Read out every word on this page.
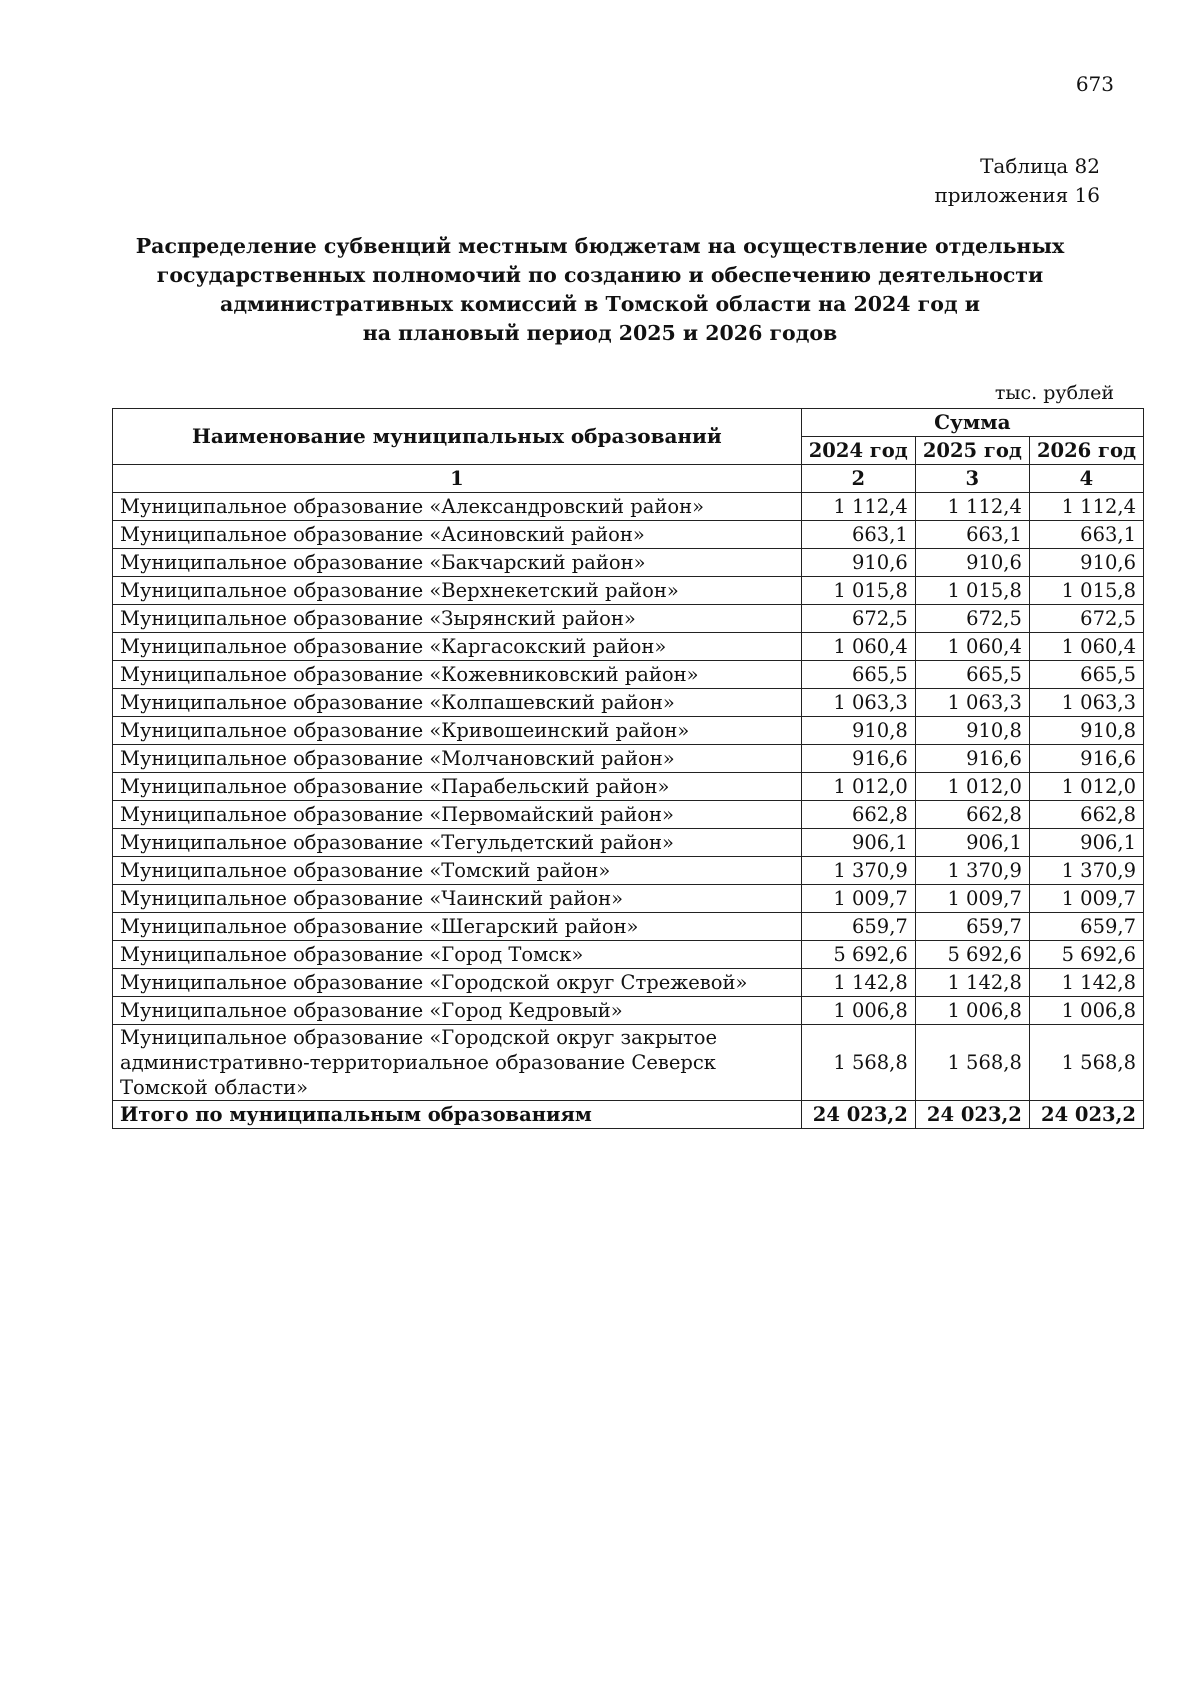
673
Таблица 82
приложения 16
Распределение субвенций местным бюджетам на осуществление отдельных
государственных полномочий по созданию и обеспечению деятельности
административных комиссий в Томской области на 2024 год и
на плановый период 2025 и 2026 годов
тыс. рублей
Наименование муниципальных образований	Сумма		
	2024 год	2025 год	2026 год
1	2	3	4
Муниципальное образование «Александровский район»	1 112,4	1 112,4	1 112,4
Муниципальное образование «Асиновский район»	663,1	663,1	663,1
Муниципальное образование «Бакчарский район»	910,6	910,6	910,6
Муниципальное образование «Верхнекетский район»	1 015,8	1 015,8	1 015,8
Муниципальное образование «Зырянский район»	672,5	672,5	672,5
Муниципальное образование «Каргасокский район»	1 060,4	1 060,4	1 060,4
Муниципальное образование «Кожевниковский район»	665,5	665,5	665,5
Муниципальное образование «Колпашевский район»	1 063,3	1 063,3	1 063,3
Муниципальное образование «Кривошеинский район»	910,8	910,8	910,8
Муниципальное образование «Молчановский район»	916,6	916,6	916,6
Муниципальное образование «Парабельский район»	1 012,0	1 012,0	1 012,0
Муниципальное образование «Первомайский район»	662,8	662,8	662,8
Муниципальное образование «Тегульдетский район»	906,1	906,1	906,1
Муниципальное образование «Томский район»	1 370,9	1 370,9	1 370,9
Муниципальное образование «Чаинский район»	1 009,7	1 009,7	1 009,7
Муниципальное образование «Шегарский район»	659,7	659,7	659,7
Муниципальное образование «Город Томск»	5 692,6	5 692,6	5 692,6
Муниципальное образование «Городской округ Стрежевой»	1 142,8	1 142,8	1 142,8
Муниципальное образование «Город Кедровый»	1 006,8	1 006,8	1 006,8
Муниципальное образование «Городской округ закрытое административно-территориальное образование Северск Томской области»	1 568,8	1 568,8	1 568,8
Итого по муниципальным образованиям	24 023,2	24 023,2	24 023,2
